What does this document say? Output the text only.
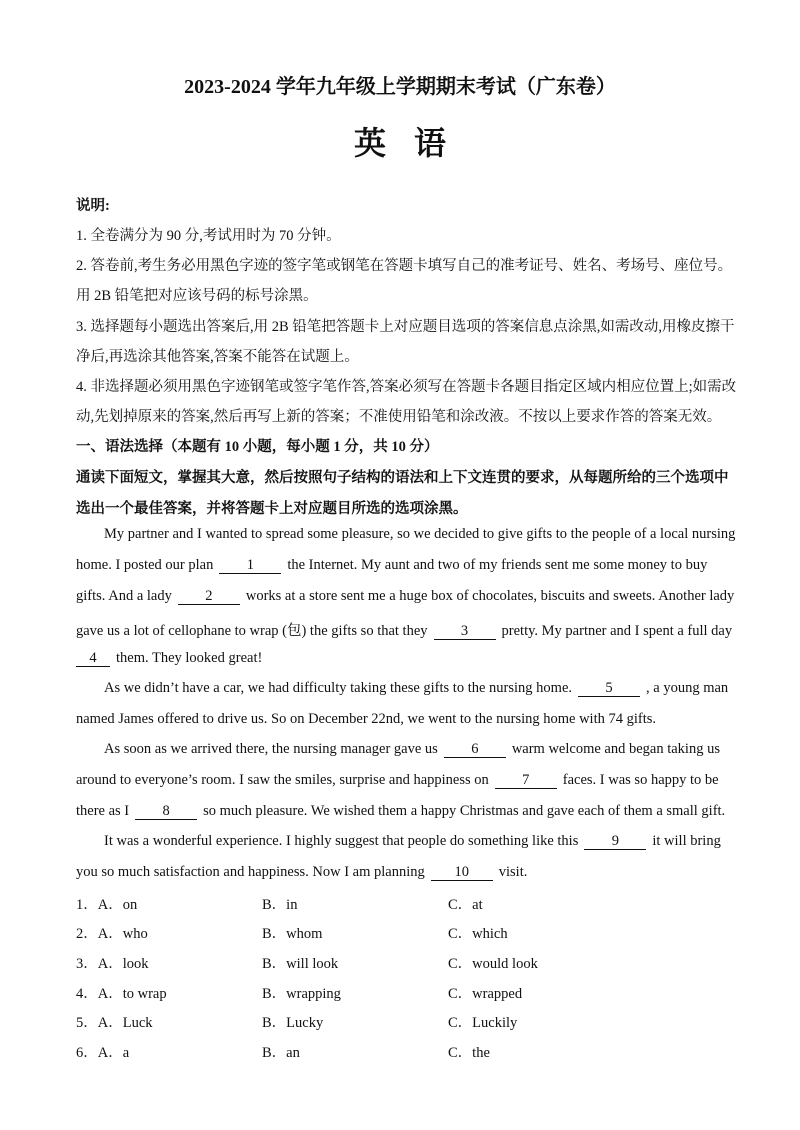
2023-2024 学年九年级上学期期末考试（广东卷）
英语
说明:
1. 全卷满分为 90 分,考试用时为 70 分钟。
2. 答卷前,考生务必用黑色字迹的签字笔或钢笔在答题卡填写自己的准考证号、姓名、考场号、座位号。
用 2B 铅笔把对应该号码的标号涂黑。
3. 选择题每小题选出答案后,用 2B 铅笔把答题卡上对应题目选项的答案信息点涂黑,如需改动,用橡皮擦干
净后,再选涂其他答案,答案不能答在试题上。
4. 非选择题必须用黑色字迹钢笔或签字笔作答,答案必须写在答题卡各题目指定区域内相应位置上;如需改
动,先划掉原来的答案,然后再写上新的答案；不准使用铅笔和涂改液。不按以上要求作答的答案无效。
一、语法选择（本题有 10 小题，每小题 1 分，共 10 分）
通读下面短文，掌握其大意，然后按照句子结构的语法和上下文连贯的要求，从每题所给的三个选项中
选出一个最佳答案，并将答题卡上对应题目所选的选项涂黑。
My partner and I wanted to spread some pleasure, so we decided to give gifts to the people of a local nursing
home. I posted our plan 1 the Internet. My aunt and two of my friends sent me some money to buy
gifts. And a lady 2 works at a store sent me a huge box of chocolates, biscuits and sweets. Another lady
gave us a lot of cellophane to wrap (包) the gifts so that they 3 pretty. My partner and I spent a full day
4 them. They looked great!
As we didn’t have a car, we had difficulty taking these gifts to the nursing home. 5 , a young man
named James offered to drive us. So on December 22nd, we went to the nursing home with 74 gifts.
As soon as we arrived there, the nursing manager gave us 6 warm welcome and began taking us
around to everyone’s room. I saw the smiles, surprise and happiness on 7 faces. I was so happy to be
there as I 8 so much pleasure. We wished them a happy Christmas and gave each of them a small gift.
It was a wonderful experience. I highly suggest that people do something like this 9 it will bring
you so much satisfaction and happiness. Now I am planning 10 visit.
1．A．on	B．in	C．at
2．A．who	B．whom	C．which
3．A．look	B．will look	C．would look
4．A．to wrap	B．wrapping	C．wrapped
5．A．Luck	B．Lucky	C．Luckily
6．A．a	B．an	C．the
